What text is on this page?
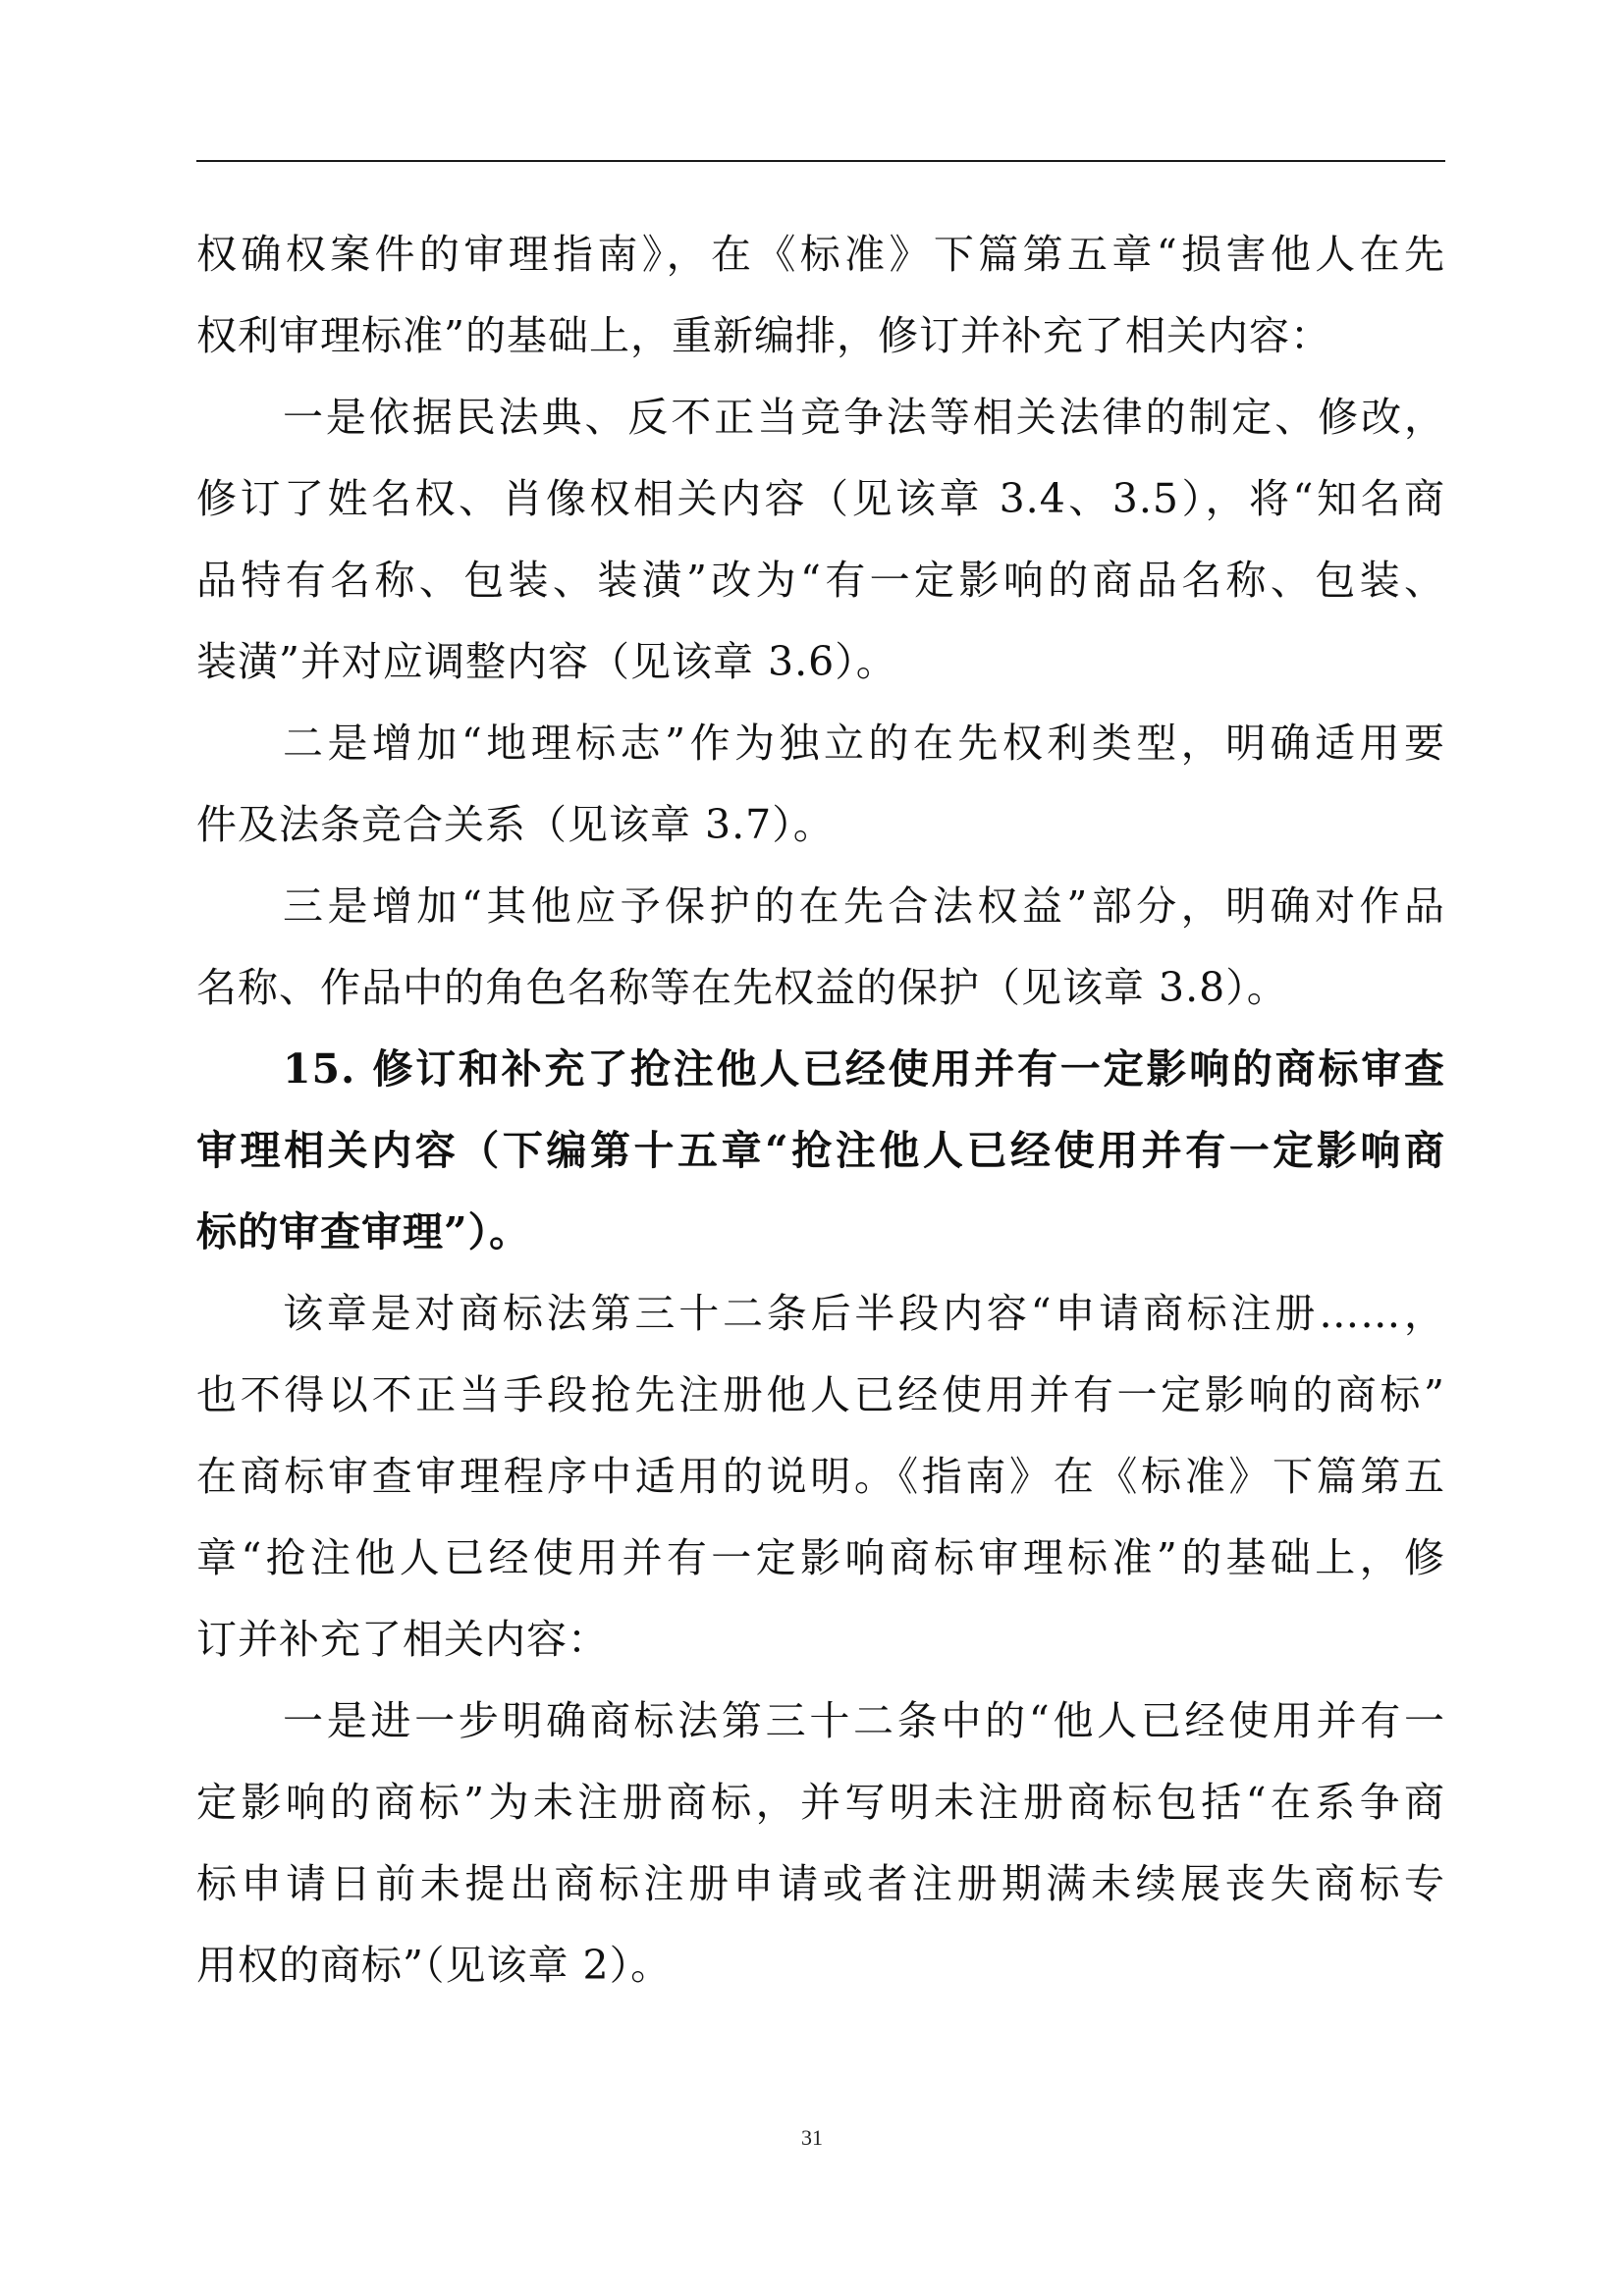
权确权案件的审理指南》，在《标准》下篇第五章“损害他人在先
权利审理标准”的基础上，重新编排，修订并补充了相关内容：
一是依据民法典、反不正当竞争法等相关法律的制定、修改，
修订了姓名权、肖像权相关内容（见该章 3.4、3.5），将“知名商
品特有名称、包装、装潢”改为“有一定影响的商品名称、包装、
装潢”并对应调整内容（见该章 3.6）。
二是增加“地理标志”作为独立的在先权利类型，明确适用要
件及法条竞合关系（见该章 3.7）。
三是增加“其他应予保护的在先合法权益”部分，明确对作品
名称、作品中的角色名称等在先权益的保护（见该章 3.8）。
15. 修订和补充了抢注他人已经使用并有一定影响的商标审查
审理相关内容（下编第十五章“抢注他人已经使用并有一定影响商
标的审查审理”）。
该章是对商标法第三十二条后半段内容“申请商标注册……，
也不得以不正当手段抢先注册他人已经使用并有一定影响的商标”
在商标审查审理程序中适用的说明。《指南》在《标准》下篇第五
章“抢注他人已经使用并有一定影响商标审理标准”的基础上，修
订并补充了相关内容：
一是进一步明确商标法第三十二条中的“他人已经使用并有一
定影响的商标”为未注册商标，并写明未注册商标包括“在系争商
标申请日前未提出商标注册申请或者注册期满未续展丧失商标专
用权的商标”（见该章 2）。
31
